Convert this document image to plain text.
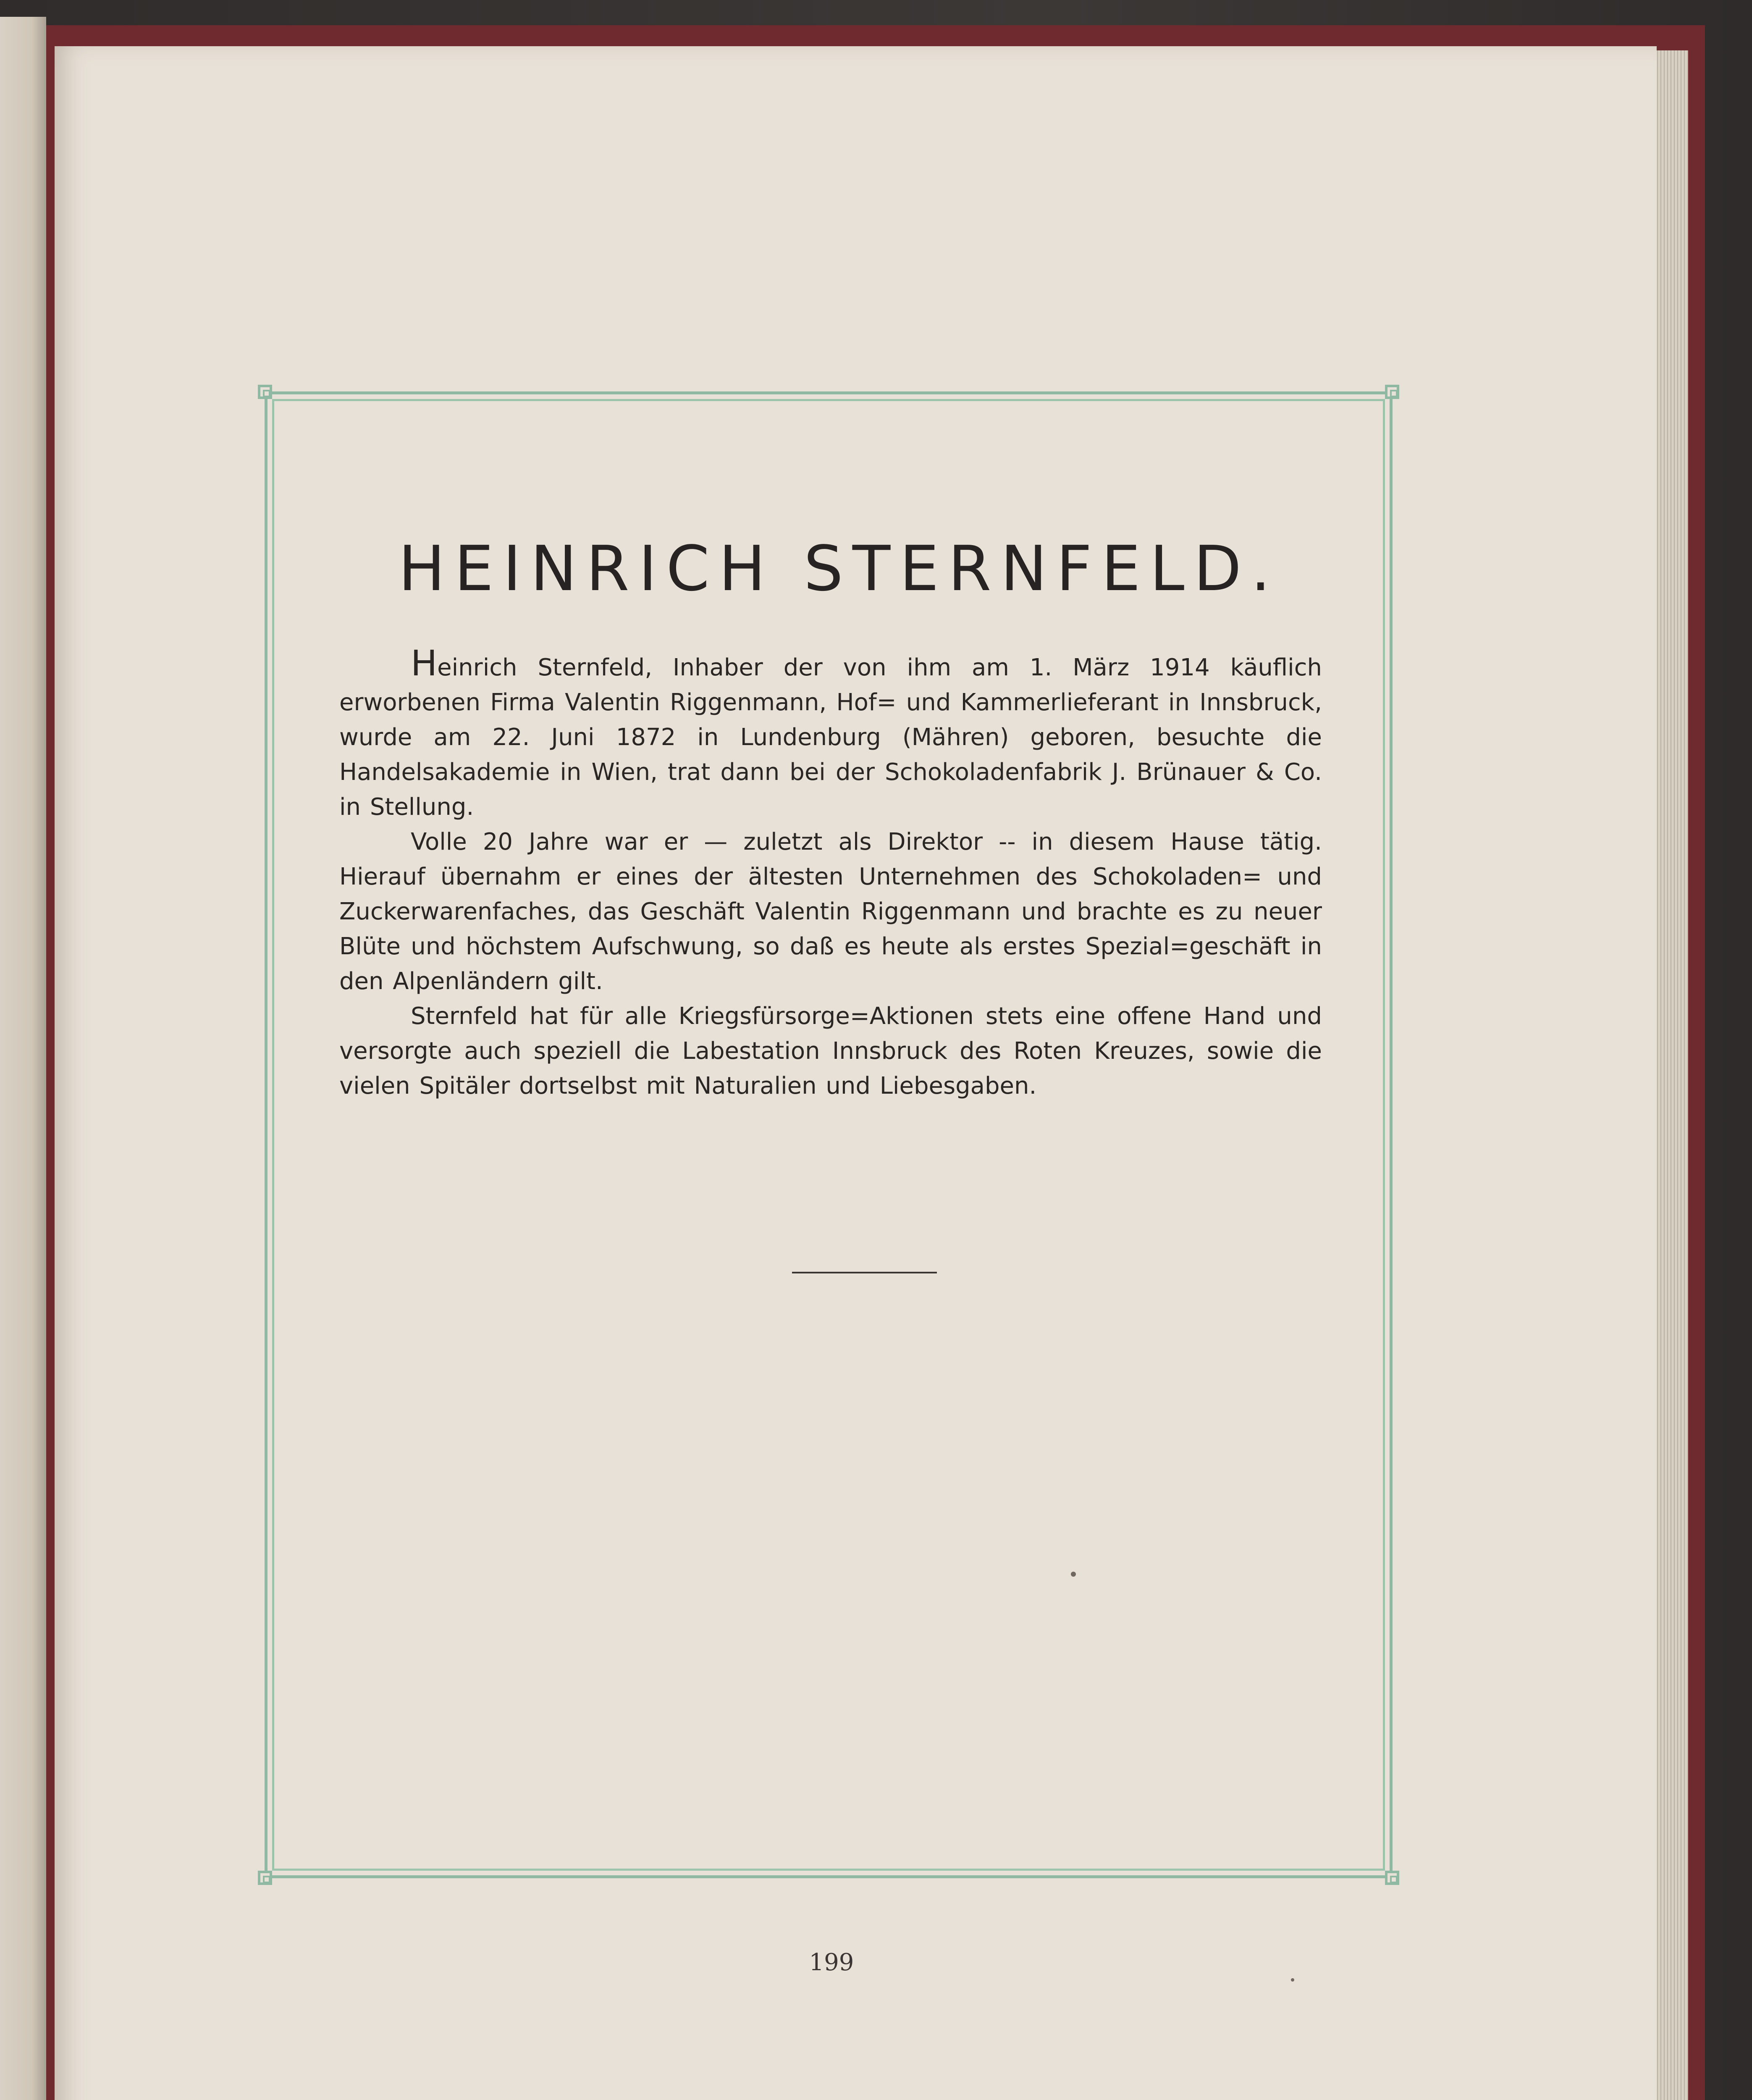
HEINRICH STERNFELD.

Heinrich Sternfeld, Inhaber der von ihm am 1. März 1914 käuflich erworbenen Firma Valentin Riggenmann, Hof= und Kammerlieferant in Innsbruck, wurde am 22. Juni 1872 in Lundenburg (Mähren) geboren, besuchte die Handelsakademie in Wien, trat dann bei der Schokoladenfabrik J. Brünauer & Co. in Stellung.

Volle 20 Jahre war er — zuletzt als Direktor -- in diesem Hause tätig. Hierauf übernahm er eines der ältesten Unternehmen des Schokoladen= und Zuckerwarenfaches, das Geschäft Valentin Riggenmann und brachte es zu neuer Blüte und höchstem Aufschwung, so daß es heute als erstes Spezial=geschäft in den Alpenländern gilt.

Sternfeld hat für alle Kriegsfürsorge=Aktionen stets eine offene Hand und versorgte auch speziell die Labestation Innsbruck des Roten Kreuzes, sowie die vielen Spitäler dortselbst mit Naturalien und Liebesgaben.

199
